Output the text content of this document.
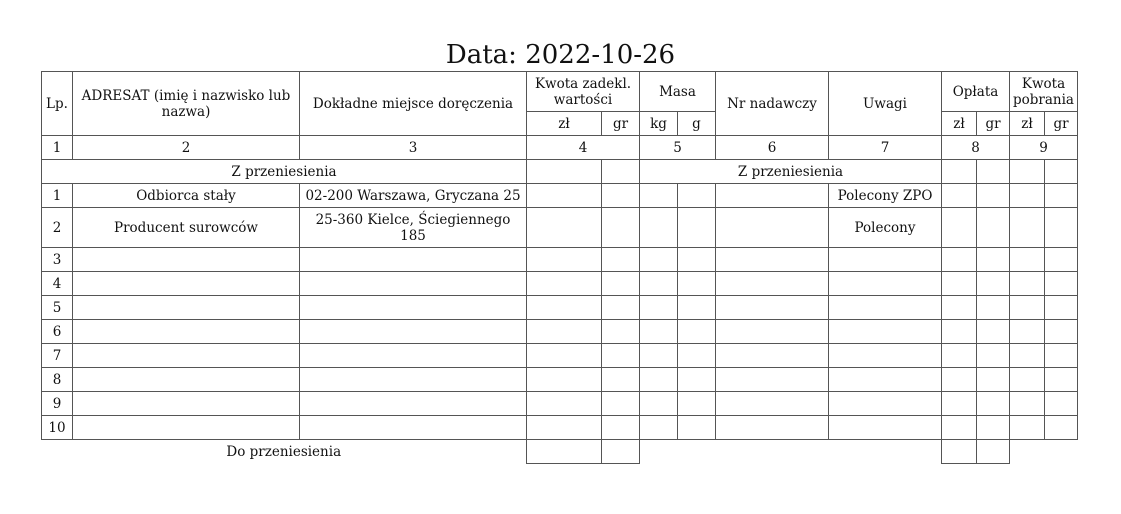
Data: 2022-10-26
Lp.	ADRESAT (imię i nazwisko lub nazwa)	Dokładne miejsce doręczenia	Kwota zadekl. wartości		Masa		Nr nadawczy	Uwagi	Opłata		Kwota pobrania	
			zł	gr	kg	g			zł	gr	zł	gr
1	2	3	4		5		6	7	8		9	
Z przeniesienia					Z przeniesienia							
1	Odbiorca stały	02-200 Warszawa, Gryczana 25						Polecony ZPO				
2	Producent surowców	25-360 Kielce, Ściegiennego 185						Polecony				
3												
4												
5												
6												
7												
8												
9												
10												
Do przeniesienia												
